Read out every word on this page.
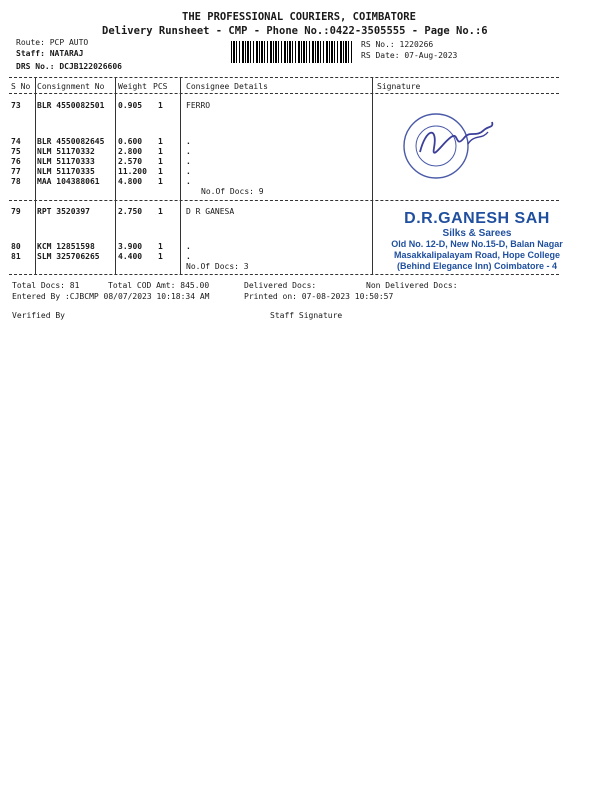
THE PROFESSIONAL COURIERS, COIMBATORE
Delivery Runsheet - CMP - Phone No.:0422-3505555 - Page No.:6
Route: PCP AUTO
Staff: NATARAJ
DRS No.: DCJB122026606
RS No.: 1220266
RS Date: 07-Aug-2023
S No Consignment No Weight PCS Consignee Details	Signature
73 BLR 4550082501 0.905 1	FERRO
74 BLR 4550082645 0.600 1	.
75 NLM 51170332	2.800 1	.
76 NLM 51170333	2.570 1	.
77 NLM 51170335	11.200 1	.
78 MAA 104388061 4.800 1	.
No.Of Docs: 9
79 RPT 3520397	2.750 1	D R GANESA
80 KCM 12851598	3.900 1	.
81 SLM 325706265 4.400 1	.
No.Of Docs: 3
D.R.GANESH SAH
Silks & Sarees
Old No. 12-D, New No.15-D, Balan Nagar
Masakkalipalayam Road, Hope College
(Behind Elegance Inn) Coimbatore - 4
Total Docs: 81	Total COD Amt: 845.00	Delivered Docs:	Non Delivered Docs:
Entered By :CJBCMP 08/07/2023 10:18:34 AM	Printed on: 07-08-2023 10:50:57
Verified By	Staff Signature
